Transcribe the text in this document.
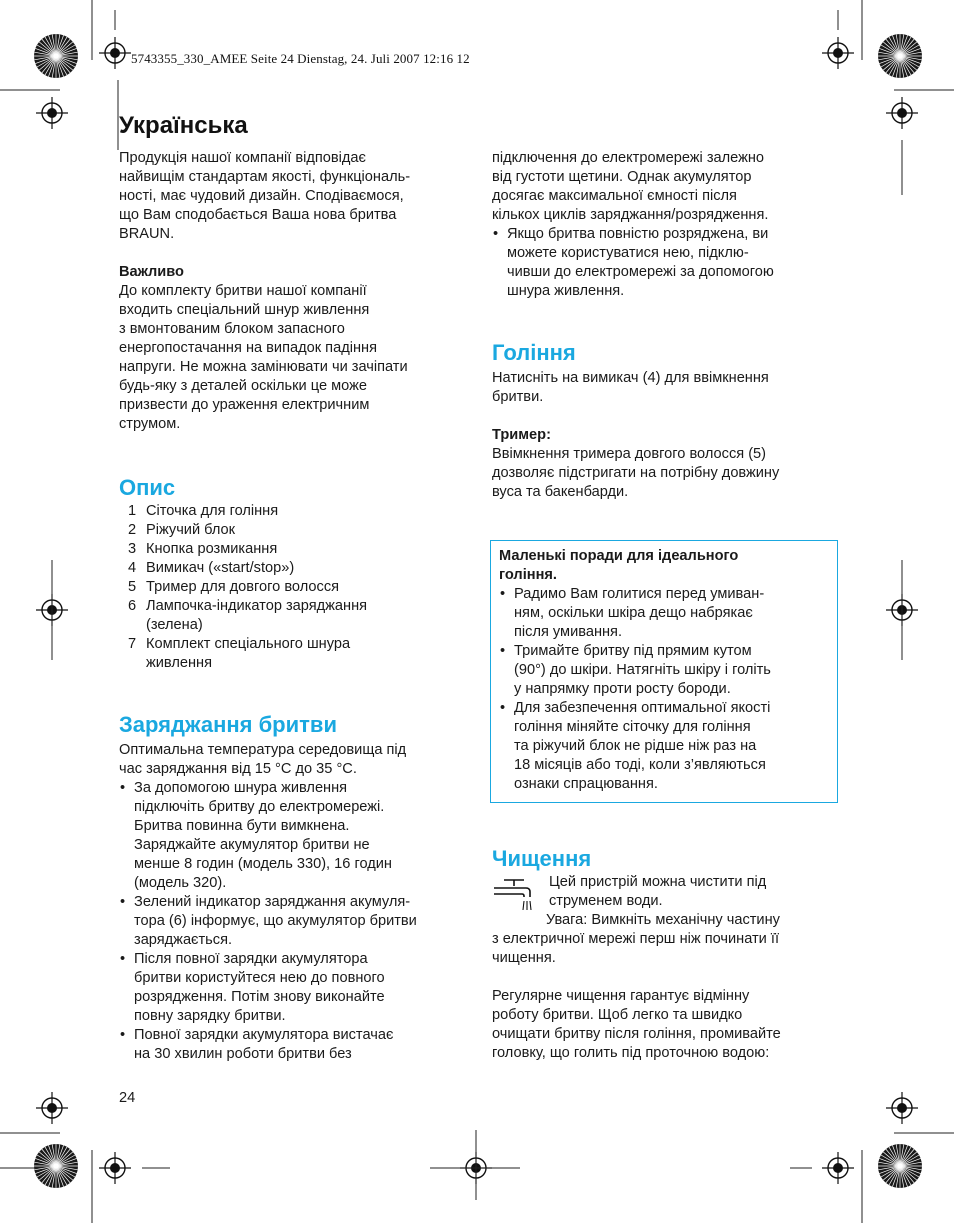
5743355_330_AMEE Seite 24 Dienstag, 24. Juli 2007 12:16 12
Українська
Продукція нашої компанії відповідає
найвищім стандартам якості, функціональ-
ності, має чудовий дизайн. Сподіваємося,
що Вам сподобається Ваша нова бритва
BRAUN.

Важливо

До комплекту бритви нашої компанії
входить спеціальний шнур живлення
з вмонтованим блоком запасного
енергопостачання на випадок падіння
напруги. Не можна замінювати чи зачіпати
будь-яку з деталей оскільки це може
призвести до ураження електричним
струмом.
Опис
1 Сіточка для гоління
2 Ріжучий блок
3 Кнопка розмикання
4 Вимикач («start/stop»)
5 Тример для довгого волосся
6 Лампочка-індикатор заряджання
(зелена)
7 Комплект спеціального шнура
живлення
Заряджання бритви
Оптимальна температура середовища під
час заряджання від 15 °C до 35 °C.
• За допомогою шнура живлення
підключіть бритву до електромережі.
Бритва повинна бути вимкнена.
Заряджайте акумулятор бритви не
менше 8 годин (модель 330), 16 годин
(модель 320).
• Зелений індикатор заряджання акумуля-
тора (6) інформує, що акумулятор бритви
заряджається.
• Після повної зарядки акумулятора
бритви користуйтеся нею до повного
розрядження. Потім знову виконайте
повну зарядку бритви.
• Повної зарядки акумулятора вистачає
на 30 хвилин роботи бритви без
підключення до електромережі залежно
від густоти щетини. Однак акумулятор
досягає максимальної ємності після
кількох циклів заряджання/розрядження.
• Якщо бритва повністю розряджена, ви
можете користуватися нею, підклю-
чивши до електромережі за допомогою
шнура живлення.
Гоління
Натисніть на вимикач (4) для ввімкнення
бритви.

Тример:

Ввімкнення тримера довгого волосся (5)
дозволяє підстригати на потрібну довжину
вуса та бакенбарди.
Маленькі поради для ідеального
гоління.
• Радимо Вам голитися перед умиван-
ням, оскільки шкіра дещо набрякає
після умивання.
• Тримайте бритву під прямим кутом
(90°) до шкіри. Натягніть шкіру і голіть
у напрямку проти росту бороди.
• Для забезпечення оптимальної якості
гоління міняйте сіточку для гоління
та ріжучий блок не рідше ніж раз на
18 місяців або тоді, коли з’являються
ознаки спрацювання.
Чищення
Цей пристрій можна чистити під
струменем води.
Увага: Вимкніть механічну частину
з електричної мережі перш ніж починати її
чищення.
Регулярне чищення гарантує відмінну
роботу бритви. Щоб легко та швидко
очищати бритву після гоління, промивайте
головку, що голить під проточною водою:
24
